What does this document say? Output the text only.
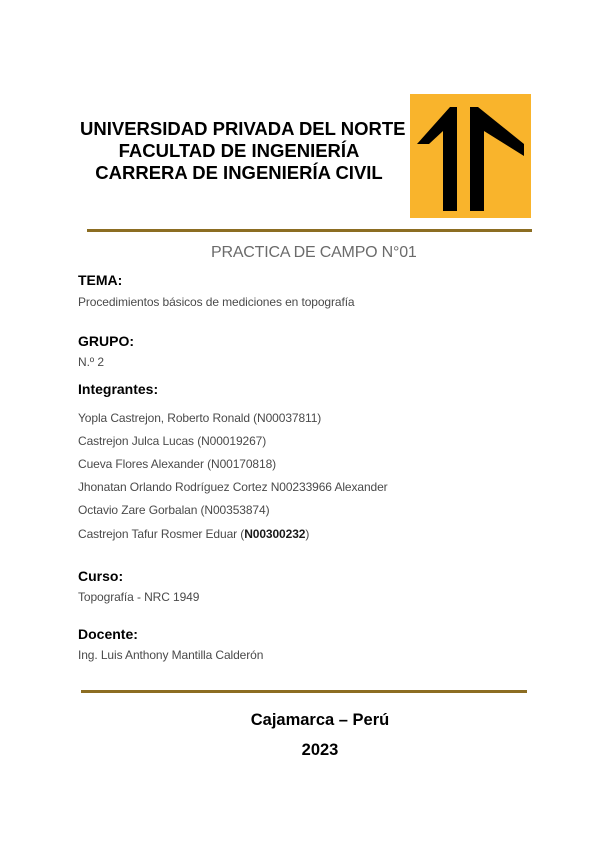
UNIVERSIDAD PRIVADA DEL NORTE
FACULTAD DE INGENIERÍA
CARRERA DE INGENIERÍA CIVIL
PRACTICA DE CAMPO N°01
TEMA:
Procedimientos básicos de mediciones en topografía
GRUPO:
N.º 2
Integrantes:
Yopla Castrejon, Roberto Ronald (N00037811)
Castrejon Julca Lucas (N00019267)
Cueva Flores Alexander (N00170818)
Jhonatan Orlando Rodríguez Cortez N00233966 Alexander
Octavio Zare Gorbalan (N00353874)
Castrejon Tafur Rosmer Eduar (N00300232)
Curso:
Topografía - NRC 1949
Docente:
Ing. Luis Anthony Mantilla Calderón
Cajamarca – Perú
2023
